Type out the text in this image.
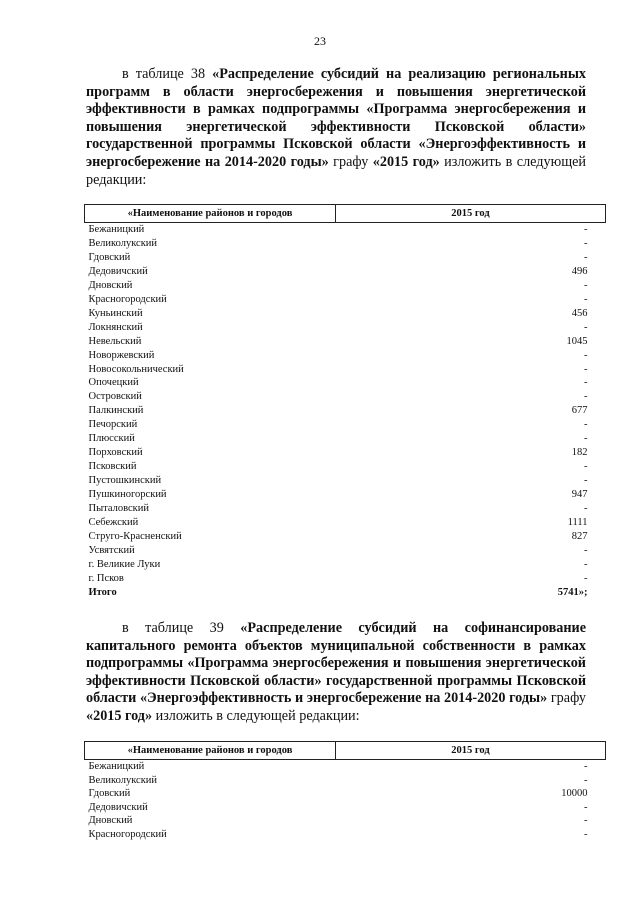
23

в таблице 38 «Распределение субсидий на реализацию региональных программ в области энергосбережения и повышения энергетической эффективности в рамках подпрограммы «Программа энергосбережения и повышения энергетической эффективности Псковской области» государственной программы Псковской области «Энергоэффективность и энергосбережение на 2014-2020 годы» графу «2015 год» изложить в следующей редакции:

«Наименование районов и городов	2015 год
Бежаницкий	-
Великолукский	-
Гдовский	-
Дедовичский	496
Дновский	-
Красногородский	-
Куньинский	456
Локнянский	-
Невельский	1045
Новоржевский	-
Новосокольнический	-
Опочецкий	-
Островский	-
Палкинский	677
Печорский	-
Плюсский	-
Порховский	182
Псковский	-
Пустошкинский	-
Пушкиногорский	947
Пыталовский	-
Себежский	1111
Струго-Красненский	827
Усвятский	-
г. Великие Луки	-
г. Псков	-
Итого	5741»;

в таблице 39 «Распределение субсидий на софинансирование капитального ремонта объектов муниципальной собственности в рамках подпрограммы «Программа энергосбережения и повышения энергетической эффективности Псковской области» государственной программы Псковской области «Энергоэффективность и энергосбережение на 2014-2020 годы» графу «2015 год» изложить в следующей редакции:

«Наименование районов и городов	2015 год
Бежаницкий	-
Великолукский	-
Гдовский	10000
Дедовичский	-
Дновский	-
Красногородский	-
